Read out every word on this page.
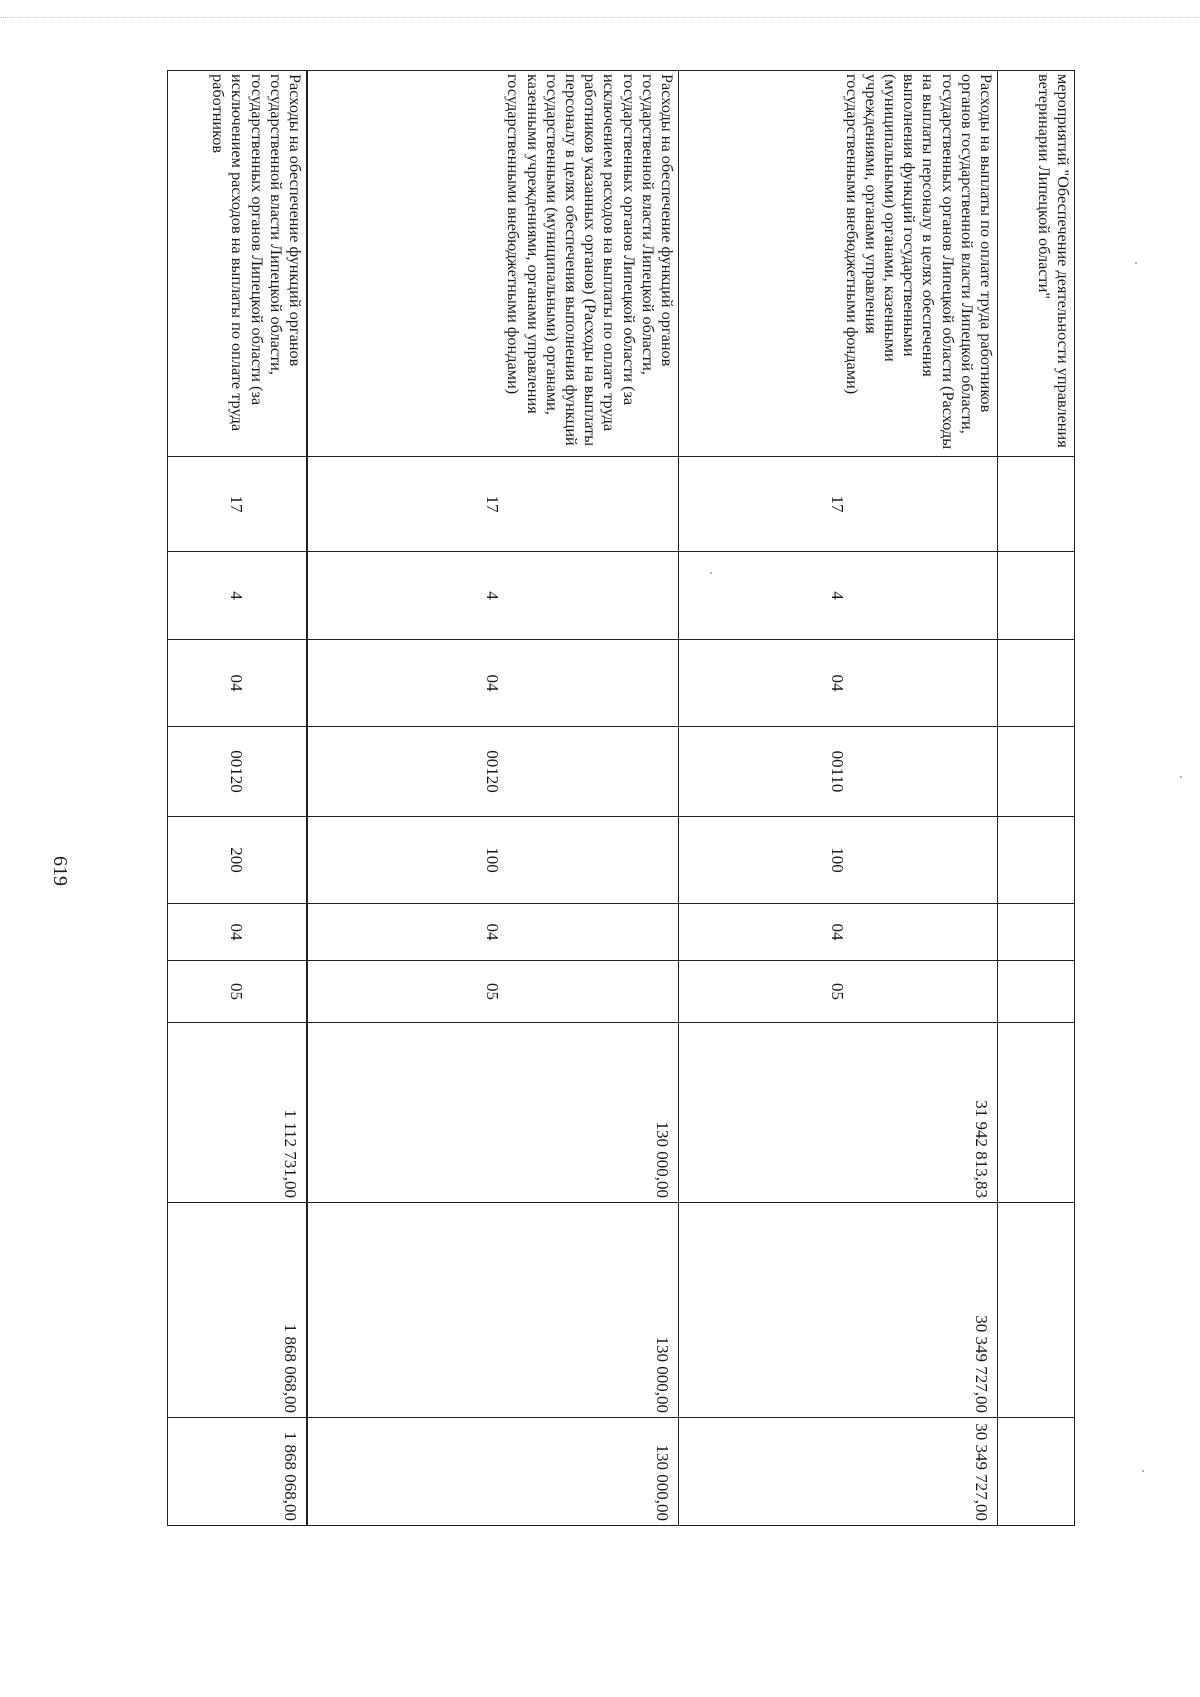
619
мероприятий "Обеспечение деятельности управления ветеринарии Липецкой области"										
Расходы на выплаты по оплате труда работников органов государственной власти Липецкой области, государственных органов Липецкой области (Расходы на выплаты персоналу в целях обеспечения выполнения функций государственными (муниципальными) органами, казенными учреждениями, органами управления государственными внебюджетными фондами)	17	4	04	00110	100	04	05	31 942 813,83	30 349 727,00	30 349 727,00
Расходы на обеспечение функций органов государственной власти Липецкой области, государственных органов Липецкой области (за исключением расходов на выплаты по оплате труда работников указанных органов) (Расходы на выплаты персоналу в целях обеспечения выполнения функций государственными (муниципальными) органами, казенными учреждениями, органами управления государственными внебюджетными фондами)	17	4	04	00120	100	04	05	130 000,00	130 000,00	130 000,00
Расходы на обеспечение функций органов государственной власти Липецкой области, государственных органов Липецкой области (за исключением расходов на выплаты по оплате труда работников	17	4	04	00120	200	04	05	1 112 731,00	1 868 068,00	1 868 068,00
